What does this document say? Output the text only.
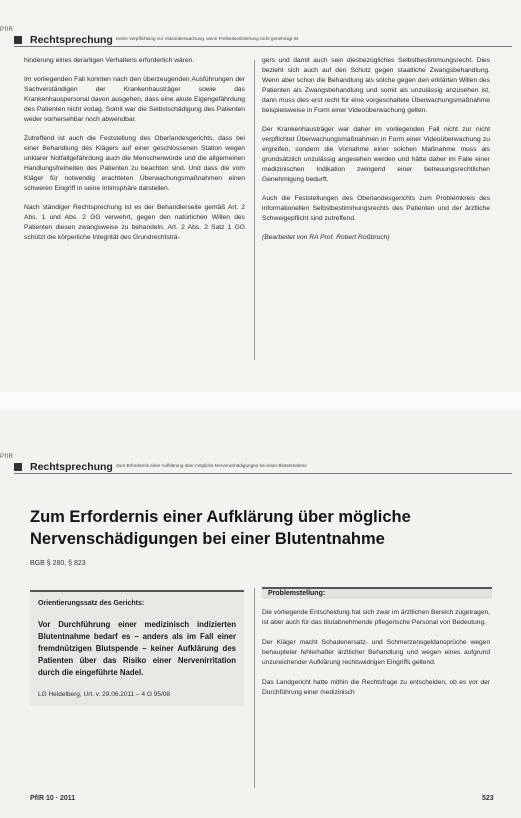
PflR
Rechtsprechung Keine Verpflichtung zur Videoüberwachung, wenn Freiheitsentziehung nicht genehmigt ist

hinderung eines derartigen Verhaltens erforderlich wären.

Im vorliegenden Fall konnten nach den überzeugenden Ausführungen der Sachverständigen der Krankenhausträger sowie das Krankenhauspersonal davon ausgehen, dass eine akute Eigengefährdung des Patienten nicht vorlag. Somit war die Selbstschädigung des Patienten weder vorhersehbar noch abwendbar.

Zutreffend ist auch die Feststellung des Oberlandesgerichts, dass bei einer Behandlung des Klägers auf einer geschlossenen Station wegen unklarer Notfallgefährdung auch die Menschenwürde und die allgemeinen Handlungsfreiheiten des Patienten zu beachten sind. Und dass die vom Kläger für notwendig erachteten Überwachungsmaßnahmen einen schweren Eingriff in seine Intimsphäre darstellen.

Nach ständiger Rechtsprechung ist es der Behandlerseite gemäß Art. 2 Abs. 1 und Abs. 2 GG verwehrt, gegen den natürlichen Willen des Patienten diesen zwangsweise zu behandeln. Art. 2 Abs. 2 Satz 1 GG schützt die körperliche Integrität des Grundrechtsträ-

gers und damit auch sein diesbezügliches Selbstbestimmungsrecht. Dies bezieht sich auch auf den Schutz gegen staatliche Zwangsbehandlung. Wenn aber schon die Behandlung als solche gegen den erklärten Willen des Patienten als Zwangsbehandlung und somit als unzulässig anzusehen ist, dann muss dies erst recht für eine vorgeschaltete Überwachungsmaßnahme beispielsweise in Form einer Videoüberwachung gelten.

Der Krankenhausträger war daher im vorliegenden Fall nicht zur nicht verpflichtet Überwachungsmaßnahmen in Form einer Videoüberwachung zu ergreifen, sondern die Vornahme einer solchen Maßnahme muss als grundsätzlich unzulässig angesehen werden und hätte daher im Falle einer medizinischen Indikation zwingend einer betreuungsrechtlichen Genehmigung bedurft.

Auch die Feststellungen des Oberlandesgerichts zum Problemkreis des informationellen Selbstbestimmungsrechts des Patienten und der ärztliche Schweigepflicht sind zutreffend.

(Bearbeitet von RA Prof. Robert Roßbruch)

PflR
Rechtsprechung Zum Erfordernis einer Aufklärung über mögliche Nervenschädigungen bei einer Blutentnahme
Zum Erfordernis einer Aufklärung über mögliche Nervenschädigungen bei einer Blutentnahme
BGB § 280, § 823
Orientierungssatz des Gerichts:
Vor Durchführung einer medizinisch indizierten Blutentnahme bedarf es – anders als im Fall einer fremdnützigen Blutspende – keiner Aufklärung des Patienten über das Risiko einer Nervenirritation durch die eingeführte Nadel.
LG Heidelberg, Urt. v. 29.06.2011 – 4 O 95/08
Problemstellung:

Die vorliegende Entscheidung hat sich zwar im ärztlichen Bereich zugetragen, ist aber auch für das blutabnehmende pflegerische Personal von Bedeutung.

Der Kläger macht Schadenersatz- und Schmerzensgeldansprüche wegen behaupteter fehlerhafter ärztlicher Behandlung und wegen eines aufgrund unzureichender Aufklärung rechtswidrigen Eingriffs geltend.

Das Landgericht hatte mithin die Rechtsfrage zu entscheiden, ob es vor der Durchführung einer medizinisch

PflR 10 · 2011	523
